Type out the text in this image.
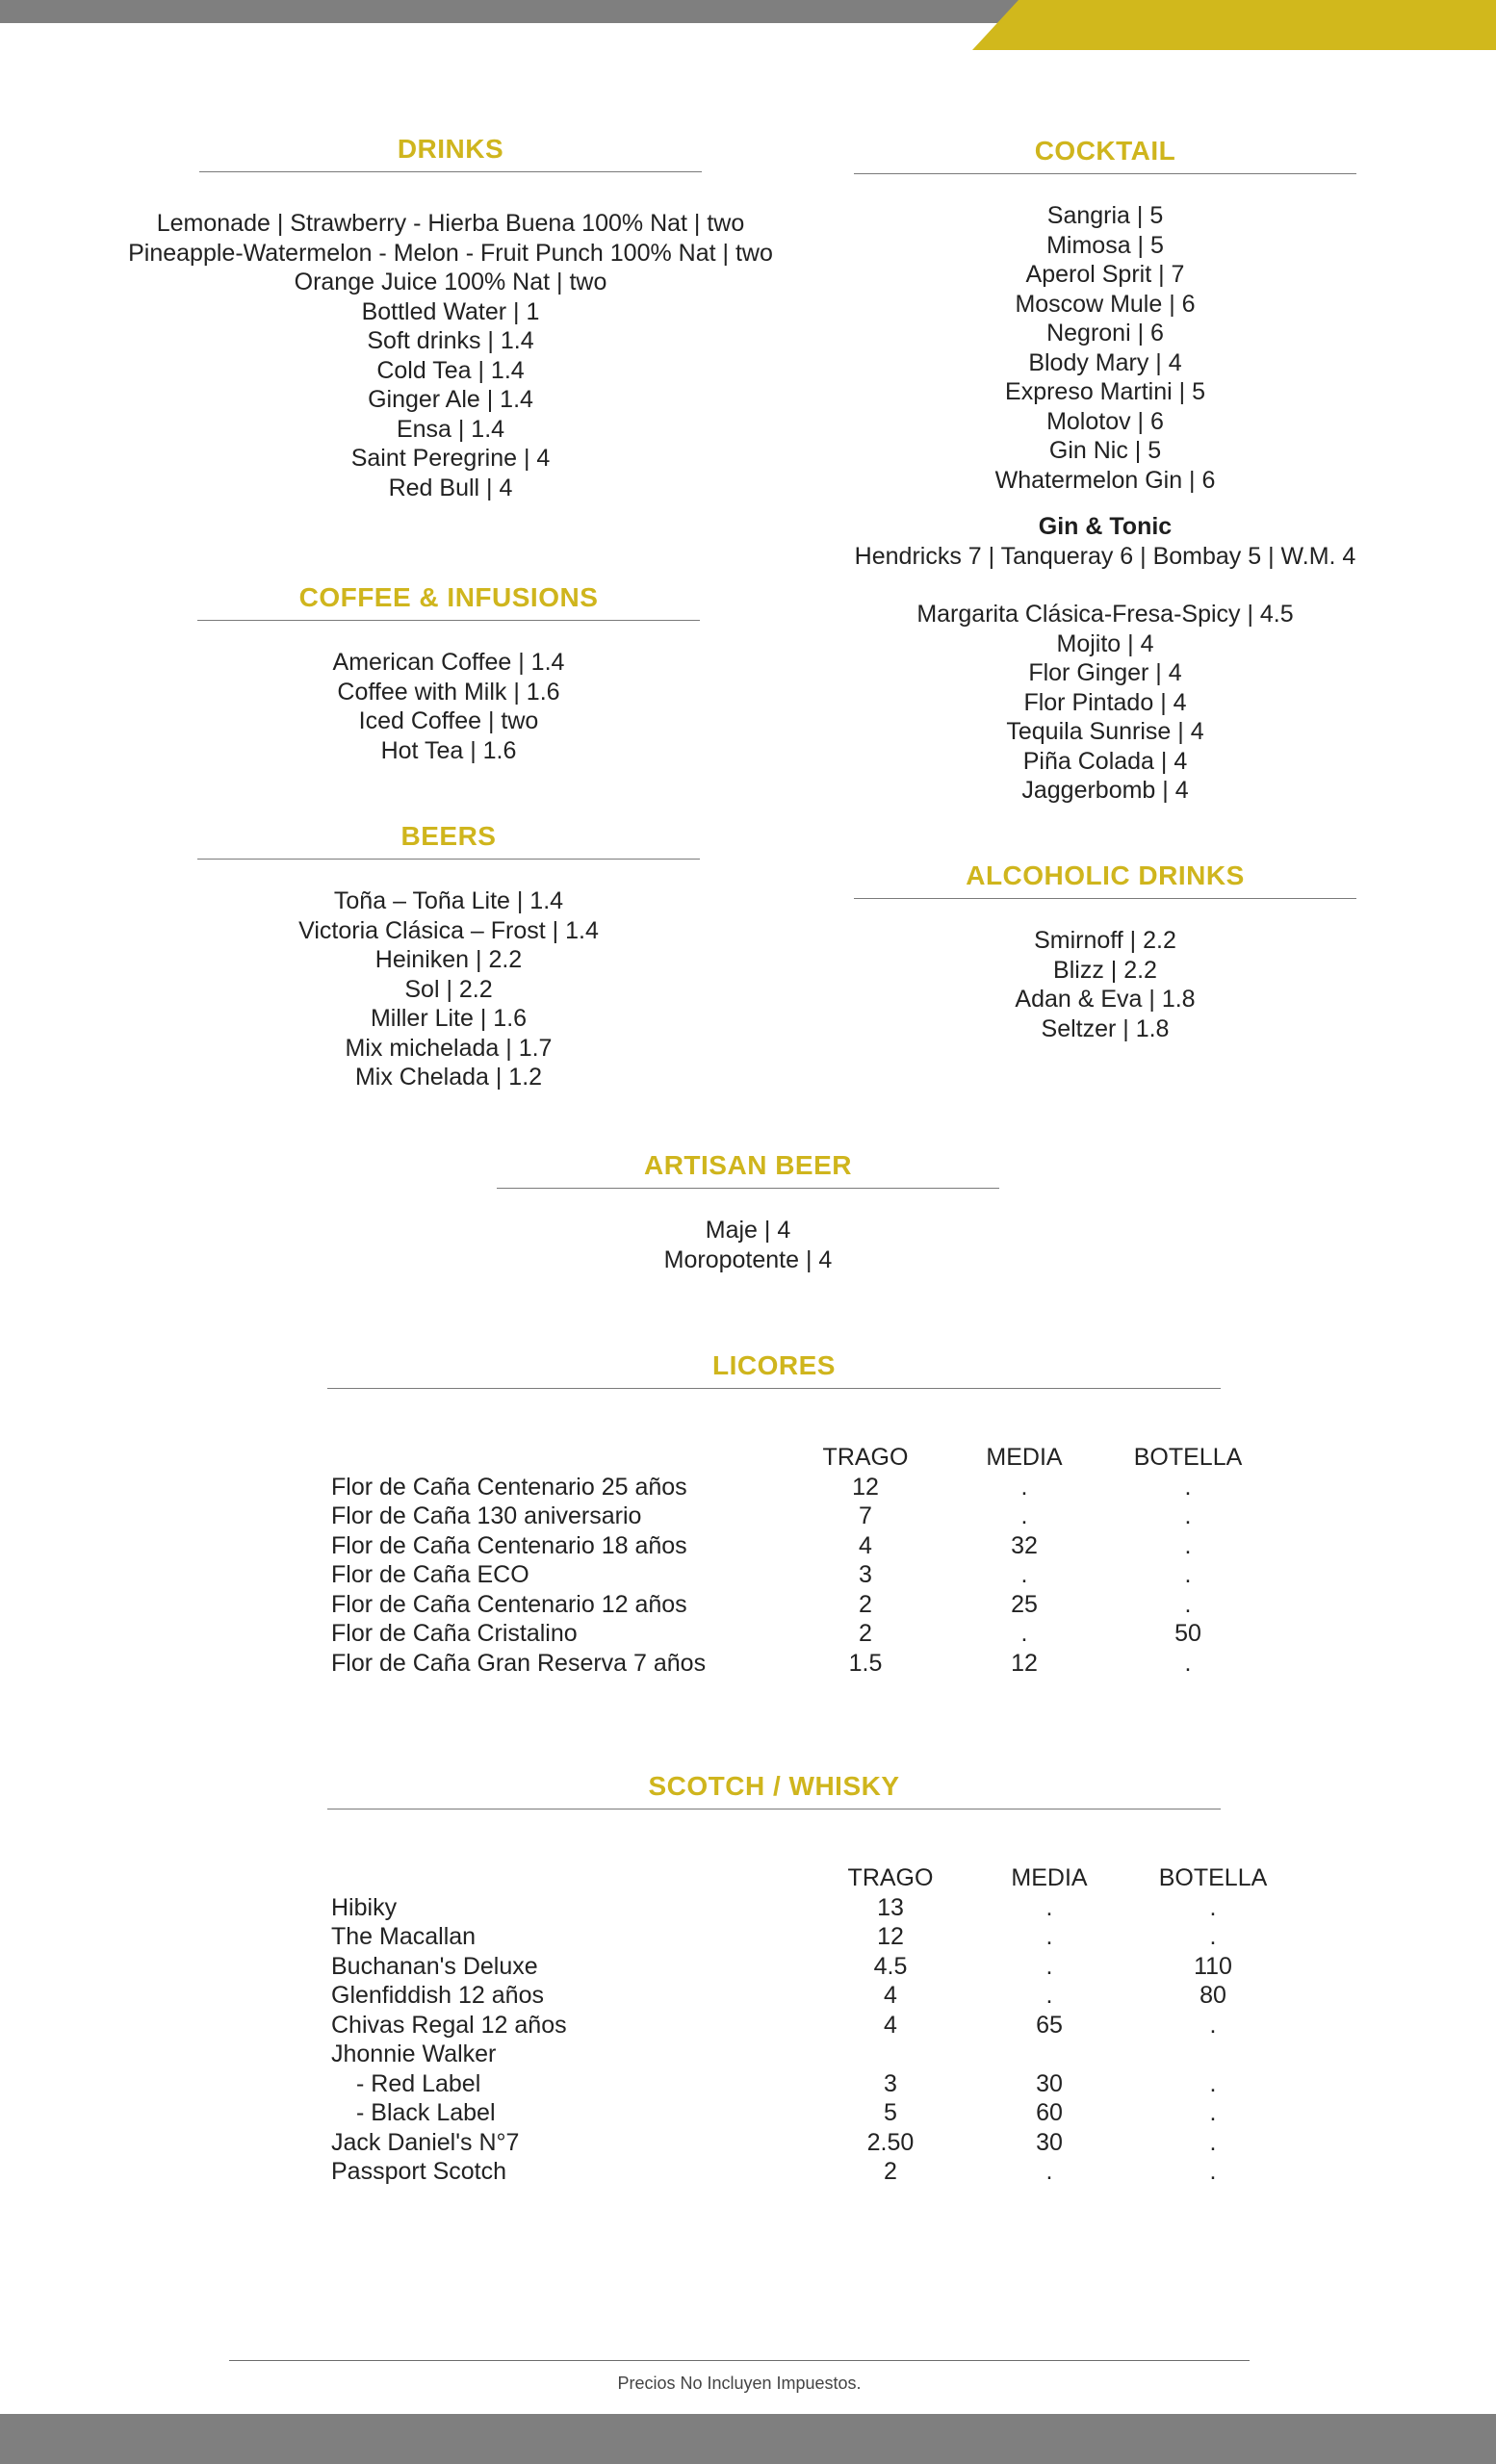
DRINKS
Lemonade | Strawberry - Hierba Buena 100% Nat | two
Pineapple-Watermelon - Melon - Fruit Punch 100% Nat | two
Orange Juice 100% Nat | two
Bottled Water | 1
Soft drinks | 1.4
Cold Tea | 1.4
Ginger Ale | 1.4
Ensa | 1.4
Saint Peregrine | 4
Red Bull | 4
COFFEE & INFUSIONS
American Coffee | 1.4
Coffee with Milk | 1.6
Iced Coffee | two
Hot Tea | 1.6
BEERS
Toña – Toña Lite | 1.4
Victoria Clásica – Frost | 1.4
Heiniken | 2.2
Sol | 2.2
Miller Lite | 1.6
Mix michelada | 1.7
Mix Chelada | 1.2
COCKTAIL
Sangria | 5
Mimosa | 5
Aperol Sprit | 7
Moscow Mule | 6
Negroni | 6
Blody Mary | 4
Expreso Martini | 5
Molotov | 6
Gin Nic | 5
Whatermelon Gin | 6
Gin & Tonic
Hendricks 7 | Tanqueray 6 | Bombay 5 | W.M. 4
Margarita Clásica-Fresa-Spicy | 4.5
Mojito | 4
Flor Ginger | 4
Flor Pintado | 4
Tequila Sunrise | 4
Piña Colada | 4
Jaggerbomb | 4
ALCOHOLIC DRINKS
Smirnoff | 2.2
Blizz | 2.2
Adan & Eva | 1.8
Seltzer | 1.8
ARTISAN BEER
Maje | 4
Moropotente | 4
LICORES
	TRAGO	MEDIA	BOTELLA
Flor de Caña Centenario 25 años	12	.	.
Flor de Caña 130 aniversario	7	.	.
Flor de Caña Centenario 18 años	4	32	.
Flor de Caña ECO	3	.	.
Flor de Caña Centenario 12 años	2	25	.
Flor de Caña Cristalino	2	.	50
Flor de Caña Gran Reserva 7 años	1.5	12	.
SCOTCH / WHISKY
	TRAGO	MEDIA	BOTELLA
Hibiky	13	.	.
The Macallan	12	.	.
Buchanan's Deluxe	4.5	.	110
Glenfiddish 12 años	4	.	80
Chivas Regal 12 años	4	65	.
Jhonnie Walker			
- Red Label	3	30	.
- Black Label	5	60	.
Jack Daniel's N°7	2.50	30	.
Passport Scotch	2	.	.
Precios No Incluyen Impuestos.
